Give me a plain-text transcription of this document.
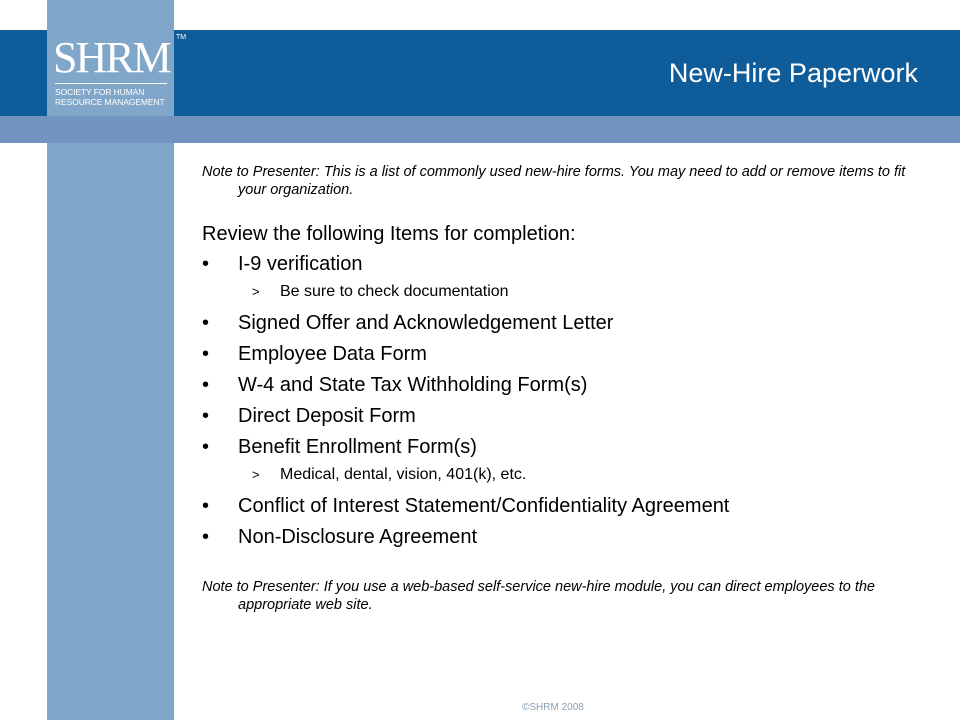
SHRM TM
SOCIETY FOR HUMAN
RESOURCE MANAGEMENT
New-Hire Paperwork

Note to Presenter: This is a list of commonly used new-hire forms. You may need to add or remove items to fit your organization.

Review the following Items for completion:

• I-9 verification
> Be sure to check documentation
• Signed Offer and Acknowledgement Letter
• Employee Data Form
• W-4 and State Tax Withholding Form(s)
• Direct Deposit Form
• Benefit Enrollment Form(s)
> Medical, dental, vision, 401(k), etc.
• Conflict of Interest Statement/Confidentiality Agreement
• Non-Disclosure Agreement

Note to Presenter: If you use a web-based self-service new-hire module, you can direct employees to the appropriate web site.

©SHRM 2008
